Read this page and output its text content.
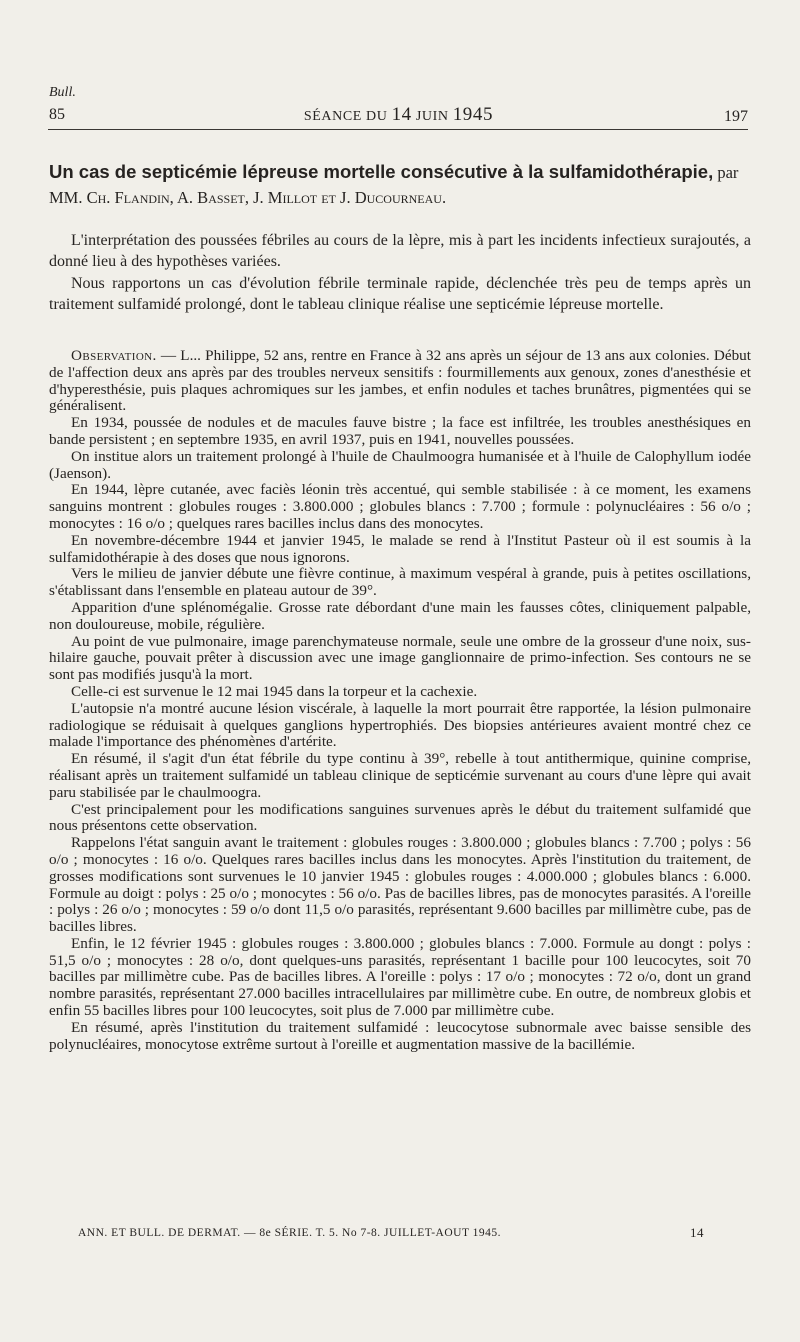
Bull.
85	SÉANCE DU 14 JUIN 1945	197
Un cas de septicémie lépreuse mortelle consécutive à la sulfamidothérapie, par MM. Ch. Flandin, A. Basset, J. Millot et J. Ducourneau.

L'interprétation des poussées fébriles au cours de la lèpre, mis à part les incidents infectieux surajoutés, a donné lieu à des hypothèses variées.

Nous rapportons un cas d'évolution fébrile terminale rapide, déclenchée très peu de temps après un traitement sulfamidé prolongé, dont le tableau clinique réalise une septicémie lépreuse mortelle.

Observation. — L... Philippe, 52 ans, rentre en France à 32 ans après un séjour de 13 ans aux colonies. Début de l'affection deux ans après par des troubles nerveux sensitifs : fourmillements aux genoux, zones d'anesthésie et d'hyperesthésie, puis plaques achromiques sur les jambes, et enfin nodules et taches brunâtres, pigmentées qui se généralisent.

En 1934, poussée de nodules et de macules fauve bistre ; la face est infiltrée, les troubles anesthésiques en bande persistent ; en septembre 1935, en avril 1937, puis en 1941, nouvelles poussées.

On institue alors un traitement prolongé à l'huile de Chaulmoogra humanisée et à l'huile de Calophyllum iodée (Jaenson).

En 1944, lèpre cutanée, avec faciès léonin très accentué, qui semble stabilisée : à ce moment, les examens sanguins montrent : globules rouges : 3.800.000 ; globules blancs : 7.700 ; formule : polynucléaires : 56 o/o ; monocytes : 16 o/o ; quelques rares bacilles inclus dans des monocytes.

En novembre-décembre 1944 et janvier 1945, le malade se rend à l'Institut Pasteur où il est soumis à la sulfamidothérapie à des doses que nous ignorons.

Vers le milieu de janvier débute une fièvre continue, à maximum vespéral à grande, puis à petites oscillations, s'établissant dans l'ensemble en plateau autour de 39°.

Apparition d'une splénomégalie. Grosse rate débordant d'une main les fausses côtes, cliniquement palpable, non douloureuse, mobile, régulière.

Au point de vue pulmonaire, image parenchymateuse normale, seule une ombre de la grosseur d'une noix, sus-hilaire gauche, pouvait prêter à discussion avec une image ganglionnaire de primo-infection. Ses contours ne se sont pas modifiés jusqu'à la mort.

Celle-ci est survenue le 12 mai 1945 dans la torpeur et la cachexie.

L'autopsie n'a montré aucune lésion viscérale, à laquelle la mort pourrait être rapportée, la lésion pulmonaire radiologique se réduisait à quelques ganglions hypertrophiés. Des biopsies antérieures avaient montré chez ce malade l'importance des phénomènes d'artérite.

En résumé, il s'agit d'un état fébrile du type continu à 39°, rebelle à tout antithermique, quinine comprise, réalisant après un traitement sulfamidé un tableau clinique de septicémie survenant au cours d'une lèpre qui avait paru stabilisée par le chaulmoogra.

C'est principalement pour les modifications sanguines survenues après le début du traitement sulfamidé que nous présentons cette observation.

Rappelons l'état sanguin avant le traitement : globules rouges : 3.800.000 ; globules blancs : 7.700 ; polys : 56 o/o ; monocytes : 16 o/o. Quelques rares bacilles inclus dans les monocytes. Après l'institution du traitement, de grosses modifications sont survenues le 10 janvier 1945 : globules rouges : 4.000.000 ; globules blancs : 6.000. Formule au doigt : polys : 25 o/o ; monocytes : 56 o/o. Pas de bacilles libres, pas de monocytes parasités. A l'oreille : polys : 26 o/o ; monocytes : 59 o/o dont 11,5 o/o parasités, représentant 9.600 bacilles par millimètre cube, pas de bacilles libres.

Enfin, le 12 février 1945 : globules rouges : 3.800.000 ; globules blancs : 7.000. Formule au dongt : polys : 51,5 o/o ; monocytes : 28 o/o, dont quelques-uns parasités, représentant 1 bacille pour 100 leucocytes, soit 70 bacilles par millimètre cube. Pas de bacilles libres. A l'oreille : polys : 17 o/o ; monocytes : 72 o/o, dont un grand nombre parasités, représentant 27.000 bacilles intracellulaires par millimètre cube. En outre, de nombreux globis et enfin 55 bacilles libres pour 100 leucocytes, soit plus de 7.000 par millimètre cube.

En résumé, après l'institution du traitement sulfamidé : leucocytose subnormale avec baisse sensible des polynucléaires, monocytose extrême surtout à l'oreille et augmentation massive de la bacillémie.

ANN. ET BULL. DE DERMAT. — 8e SÉRIE. T. 5. No 7-8. JUILLET-AOUT 1945.	14
